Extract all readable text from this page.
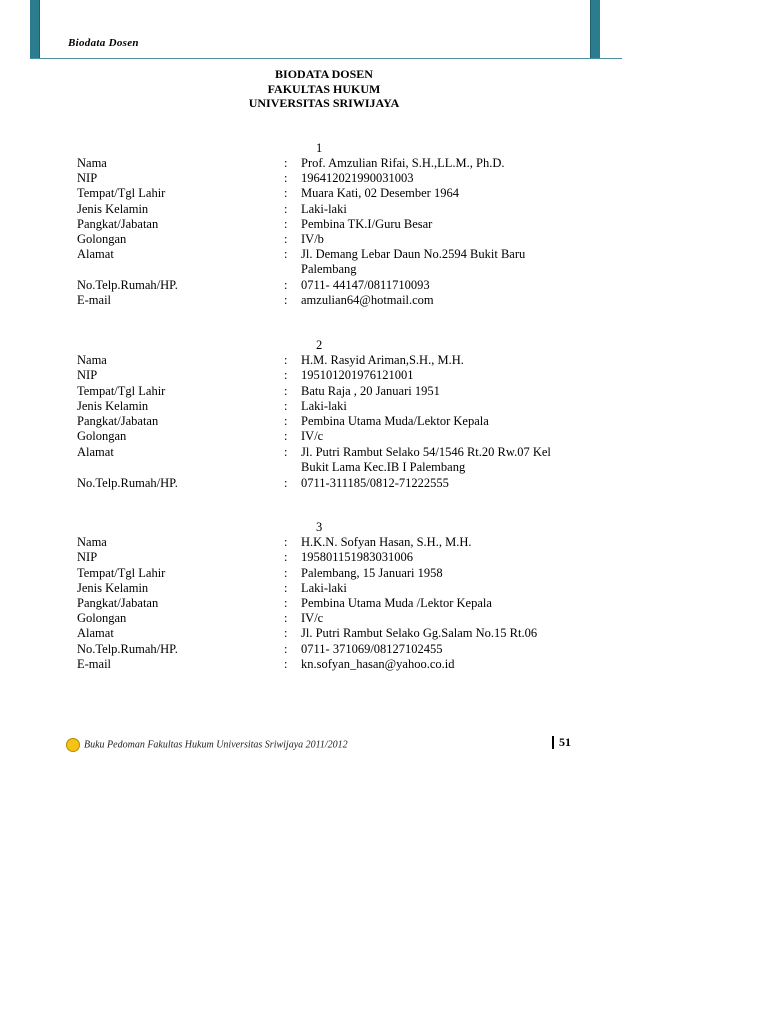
Biodata Dosen
BIODATA DOSEN
FAKULTAS HUKUM
UNIVERSITAS SRIWIJAYA
1
Nama	: Prof. Amzulian Rifai, S.H.,LL.M., Ph.D.
NIP	: 196412021990031003
Tempat/Tgl Lahir	: Muara Kati, 02 Desember 1964
Jenis Kelamin	: Laki-laki
Pangkat/Jabatan	: Pembina TK.I/Guru Besar
Golongan	: IV/b
Alamat	: Jl. Demang Lebar Daun No.2594 Bukit Baru Palembang
No.Telp.Rumah/HP.	: 0711- 44147/0811710093
E-mail	: amzulian64@hotmail.com
2
Nama	: H.M. Rasyid Ariman,S.H., M.H.
NIP	: 195101201976121001
Tempat/Tgl Lahir	: Batu Raja , 20 Januari 1951
Jenis Kelamin	: Laki-laki
Pangkat/Jabatan	: Pembina Utama Muda/Lektor Kepala
Golongan	: IV/c
Alamat	: Jl. Putri Rambut Selako 54/1546 Rt.20 Rw.07 Kel Bukit Lama Kec.IB I Palembang
No.Telp.Rumah/HP.	: 0711-311185/0812-71222555
3
Nama	: H.K.N. Sofyan Hasan, S.H., M.H.
NIP	: 195801151983031006
Tempat/Tgl Lahir	: Palembang, 15 Januari 1958
Jenis Kelamin	: Laki-laki
Pangkat/Jabatan	: Pembina Utama Muda /Lektor Kepala
Golongan	: IV/c
Alamat	: Jl. Putri Rambut Selako Gg.Salam No.15 Rt.06
No.Telp.Rumah/HP.	: 0711- 371069/08127102455
E-mail	: kn.sofyan_hasan@yahoo.co.id
Buku Pedoman Fakultas Hukum Universitas Sriwijaya 2011/2012	51
